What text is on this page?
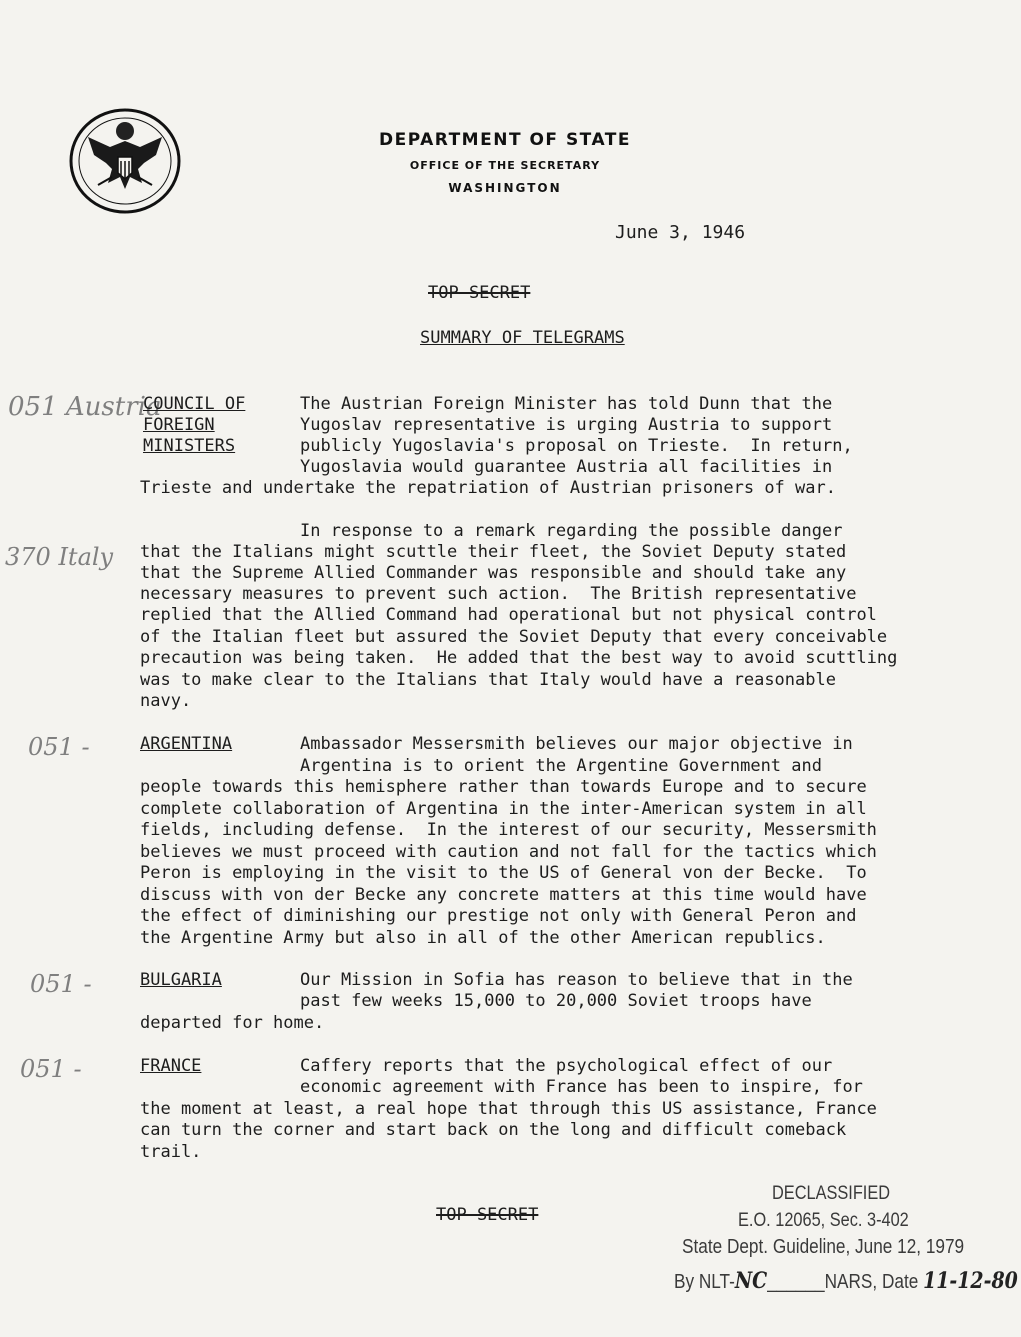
DEPARTMENT OF STATE
OFFICE OF THE SECRETARY
WASHINGTON
June 3, 1946
TOP SECRET
SUMMARY OF TELEGRAMS
051 Austria
COUNCIL OF
FOREIGN
MINISTERS
The Austrian Foreign Minister has told Dunn that the
Yugoslav representative is urging Austria to support
publicly Yugoslavia's proposal on Trieste.  In return,
Yugoslavia would guarantee Austria all facilities in
Trieste and undertake the repatriation of Austrian prisoners of war.
370 Italy
In response to a remark regarding the possible danger
that the Italians might scuttle their fleet, the Soviet Deputy stated
that the Supreme Allied Commander was responsible and should take any
necessary measures to prevent such action.  The British representative
replied that the Allied Command had operational but not physical control
of the Italian fleet but assured the Soviet Deputy that every conceivable
precaution was being taken.  He added that the best way to avoid scuttling
was to make clear to the Italians that Italy would have a reasonable
navy.
051 -	ARGENTINA	Ambassador Messersmith believes our major objective in
Argentina is to orient the Argentine Government and
people towards this hemisphere rather than towards Europe and to secure
complete collaboration of Argentina in the inter-American system in all
fields, including defense.  In the interest of our security, Messersmith
believes we must proceed with caution and not fall for the tactics which
Peron is employing in the visit to the US of General von der Becke.  To
discuss with von der Becke any concrete matters at this time would have
the effect of diminishing our prestige not only with General Peron and
the Argentine Army but also in all of the other American republics.
051 -	BULGARIA	Our Mission in Sofia has reason to believe that in the
past few weeks 15,000 to 20,000 Soviet troops have
departed for home.
051 -	FRANCE	Caffery reports that the psychological effect of our
economic agreement with France has been to inspire, for
the moment at least, a real hope that through this US assistance, France
can turn the corner and start back on the long and difficult comeback
trail.
TOP SECRET
DECLASSIFIED
E.O. 12065, Sec. 3-402
State Dept. Guideline, June 12, 1979
By NLT-NC______NARS, Date 11-12-80
